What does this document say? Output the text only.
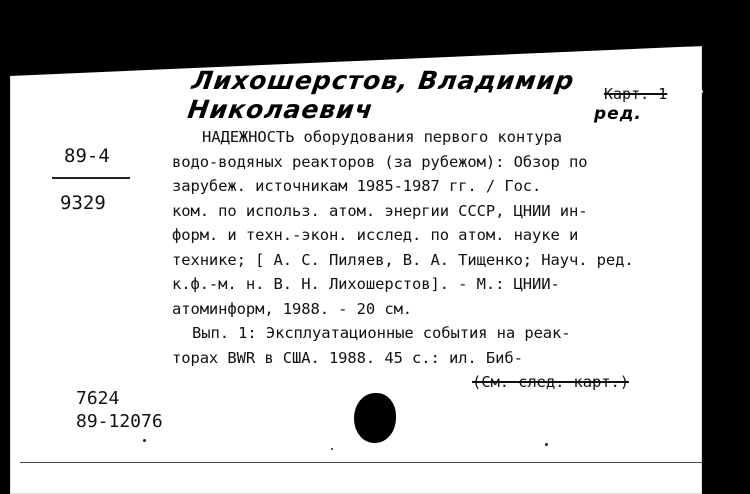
Лихошерстов, Владимир Николаевич
Карт. 1
ред.
89-4
9329
НАДЕЖНОСТЬ оборудования первого контура
водо-водяных реакторов (за рубежом): Обзор по
зарубеж. источникам 1985-1987 гг. / Гос.
ком. по использ. атом. энергии СССР, ЦНИИ ин-
форм. и техн.-экон. исслед. по атом. науке и
технике; [ А. С. Пиляев, В. А. Тищенко; Науч. ред.
к.ф.-м. н. В. Н. Лихошерстов]. - М.: ЦНИИ-
атоминформ, 1988. - 20 см.
Вып. 1: Эксплуатационные события на реак-
торах BWR в США. 1988. 45 с.: ил. Биб-
(См. след. карт.)
7624
89-12076
